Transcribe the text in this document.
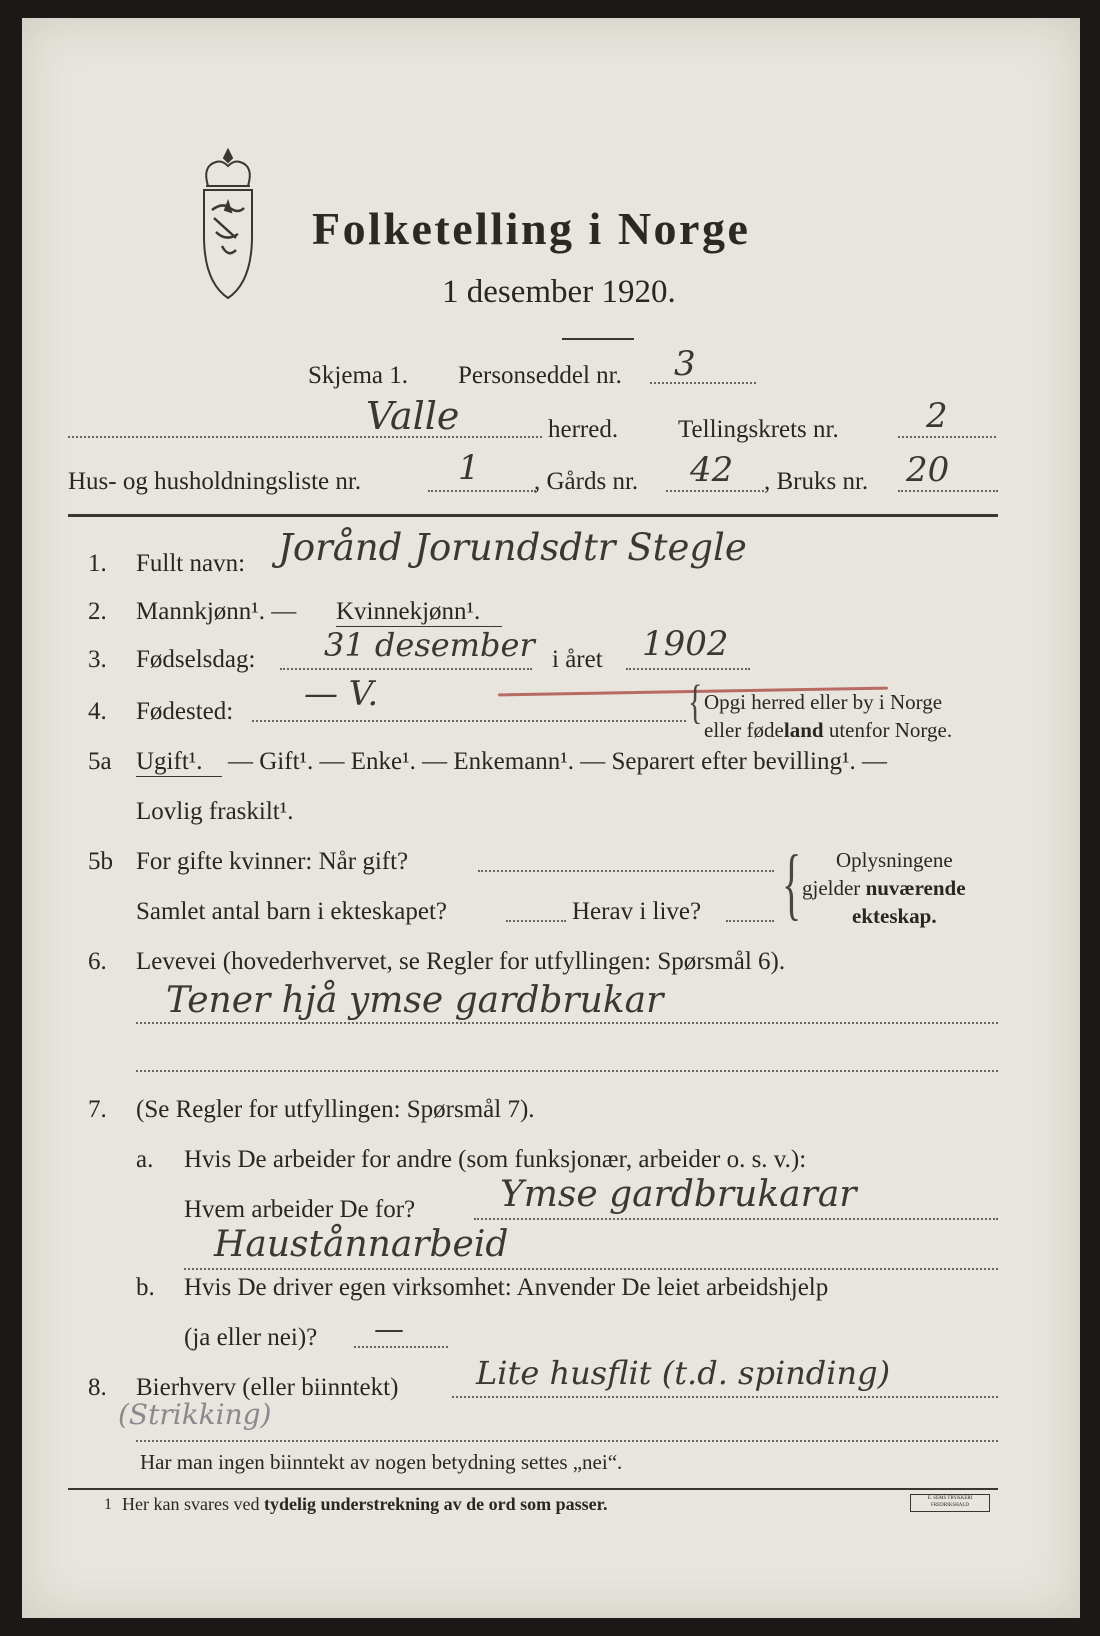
Folketelling i Norge
1 desember 1920.
Skjema 1. Personseddel nr. 3
Valle	herred. Tellingskrets nr.	2
Hus- og husholdningsliste nr.	1 , Gårds nr. 42 , Bruks nr. 20
1. Fullt navn: Jorånd Jorundsdtr Stegle
2. Mannkjønn¹. — Kvinnekjønn¹.
3. Fødselsdag: 31 desember i året 1902
4. Fødested: — V.	{ Opgi herred eller by i Norge
eller fødeland utenfor Norge.
5a Ugift¹. — Gift¹. — Enke¹. — Enkemann¹. — Separert efter bevilling¹. —
Lovlig fraskilt¹.
5b For gifte kvinner: Når gift?
Samlet antal barn i ekteskapet?	Herav i live? { Oplysningene
gjelder nuværende
ekteskap.
6. Levevei (hovederhvervet, se Regler for utfyllingen: Spørsmål 6).
Tener hjå ymse gardbrukar
7. (Se Regler for utfyllingen: Spørsmål 7).
a. Hvis De arbeider for andre (som funksjonær, arbeider o. s. v.):
Hvem arbeider De for? Ymse gardbrukarar
Haustånnarbeid
b. Hvis De driver egen virksomhet: Anvender De leiet arbeidshjelp
(ja eller nei)? —
8. Bierhverv (eller biinntekt) Lite husflit (t.d. spinding)
(Strikking)
Har man ingen biinntekt av nogen betydning settes „nei“.
1 Her kan svares ved tydelig understrekning av de ord som passer.	E. SEMS TRYKKERI FREDRIKSHALD
